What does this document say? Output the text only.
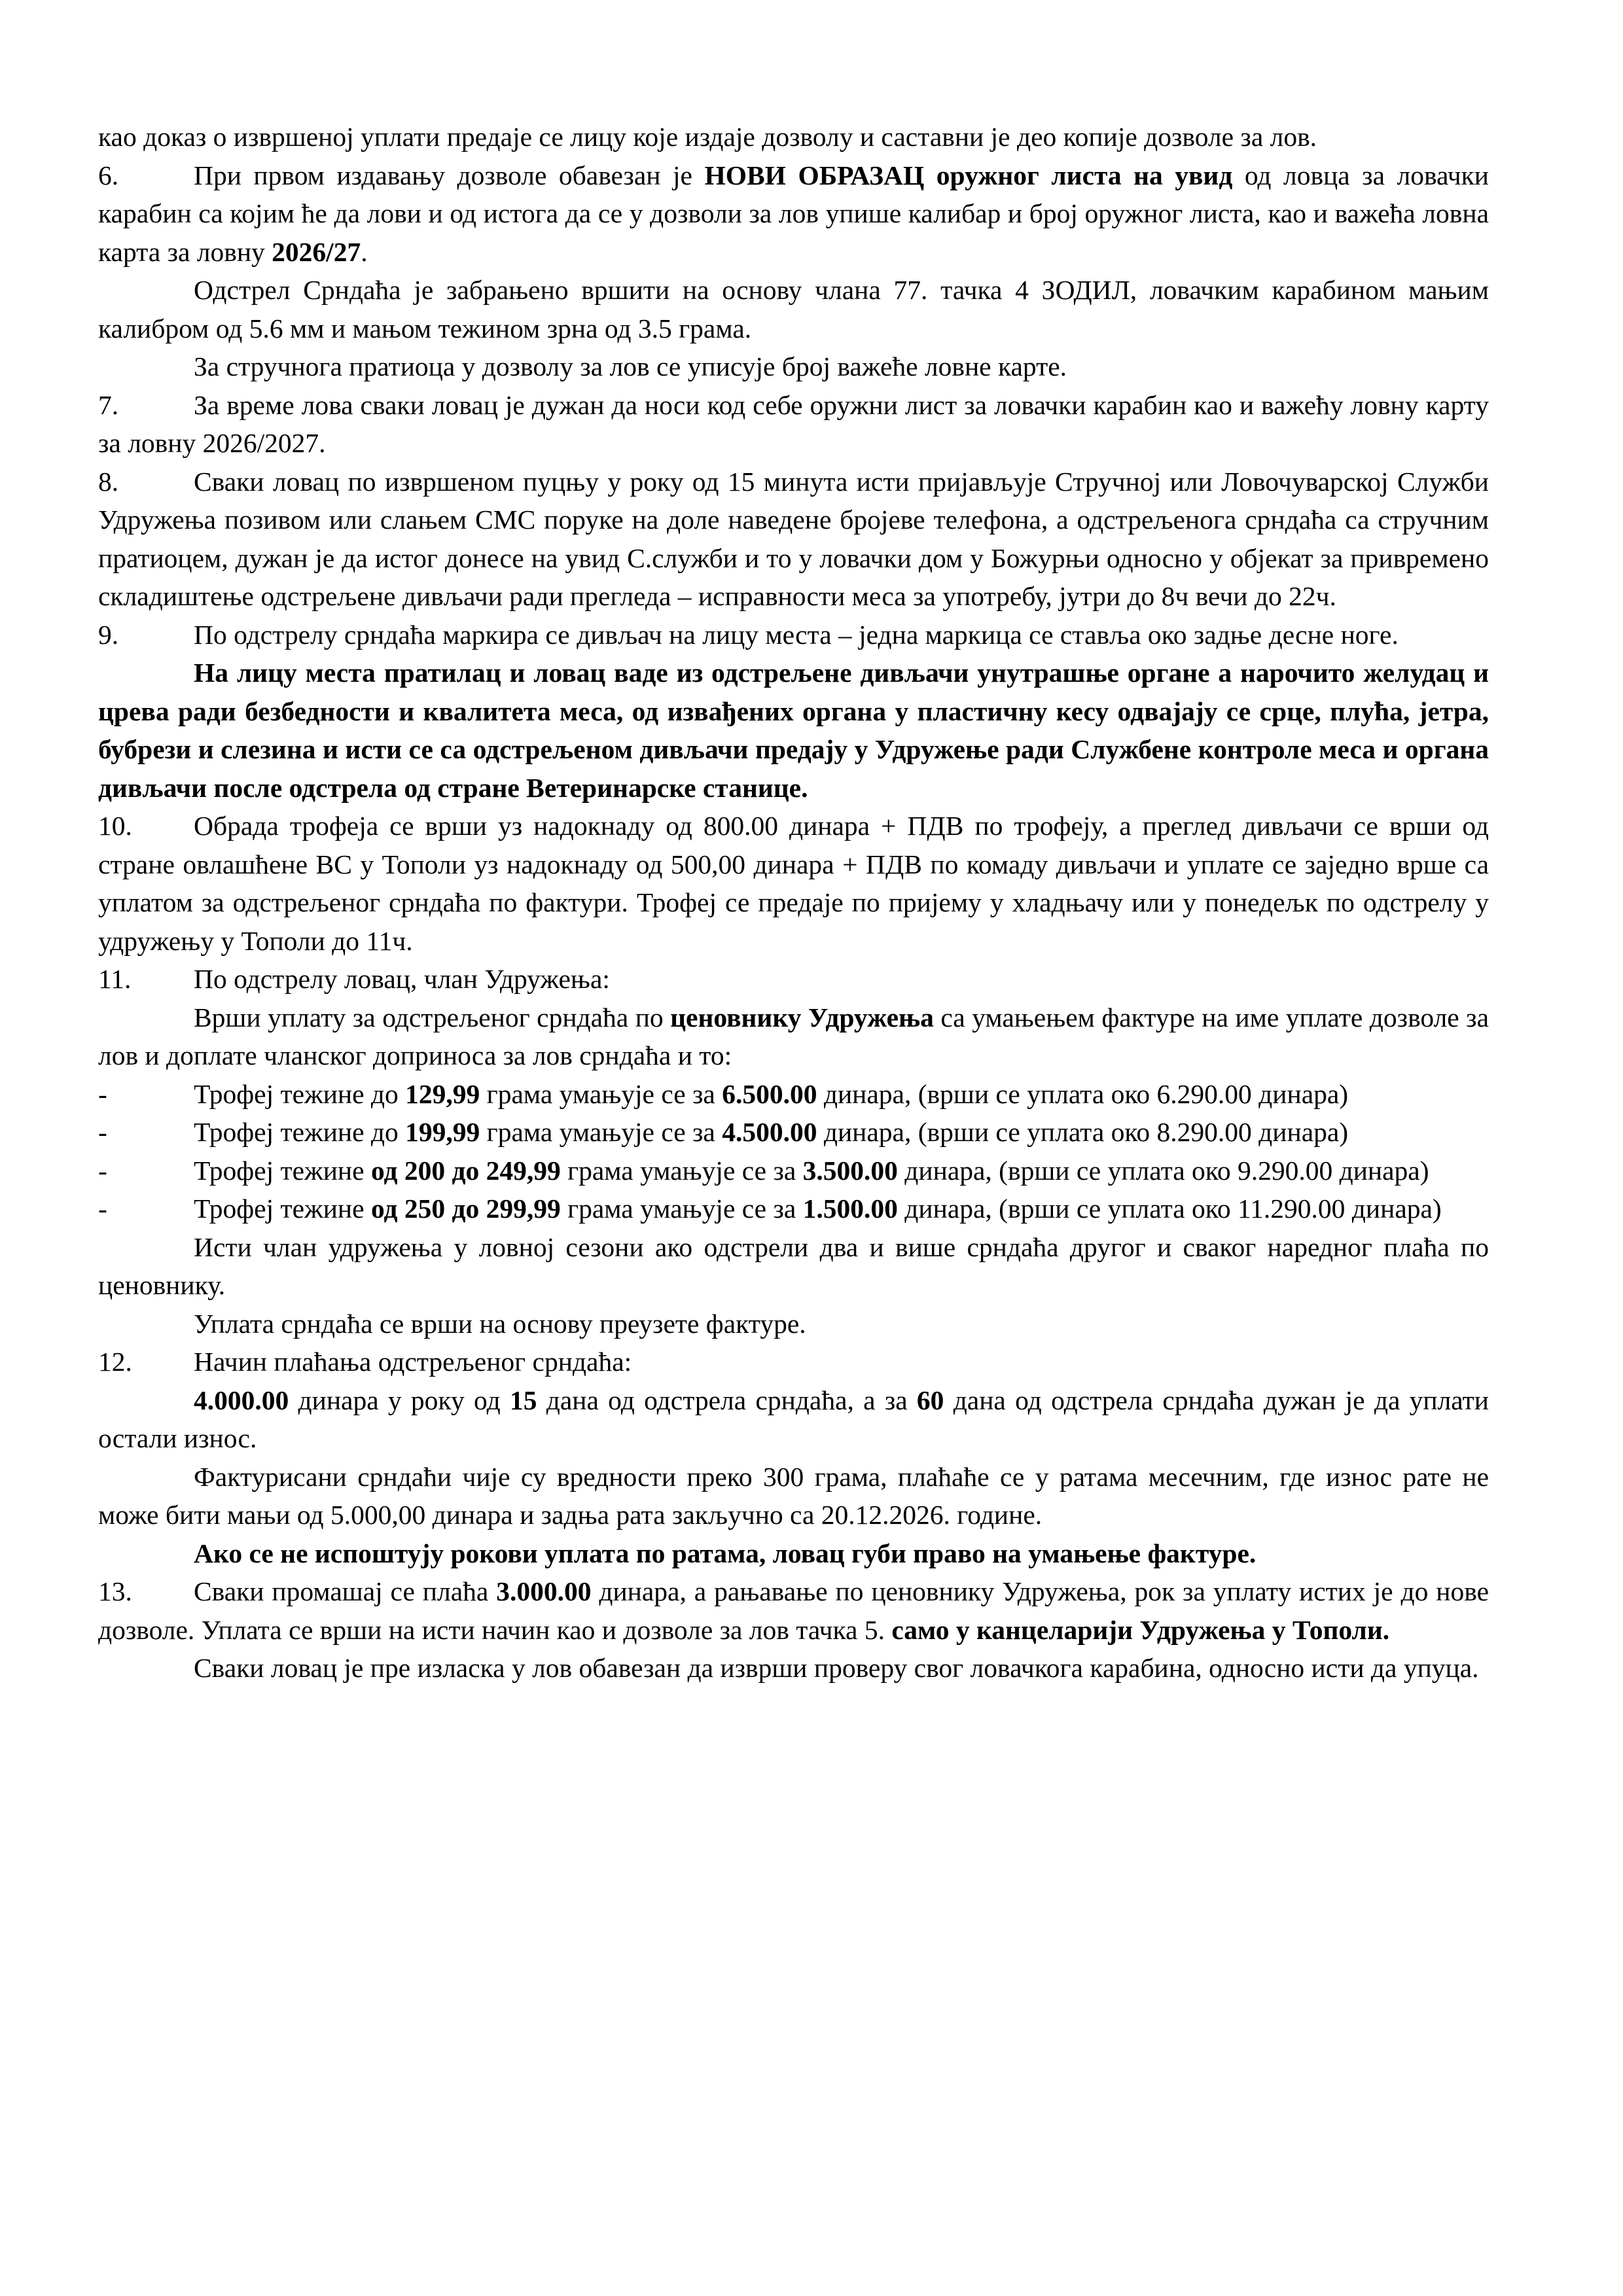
као доказ о извршеној уплати предаје се лицу које издаје дозволу и саставни је део копије дозволе за лов.

6.	При првом издавању дозволе обавезан је НОВИ ОБРАЗАЦ оружног листа на увид од ловца за ловачки карабин са којим ће да лови и од истога да се у дозволи за лов упише калибар и број оружног листа, као и важећа ловна карта за ловну 2026/27.

Одстрел Срндаћа је забрањено вршити на основу члана 77. тачка 4 ЗОДИЛ, ловачким карабином мањим калибром од 5.6 мм и мањом тежином зрна од 3.5 грама.

За стручнога пратиоца у дозволу за лов се уписује број важеће ловне карте.

7.	За време лова сваки ловац је дужан да носи код себе оружни лист за ловачки карабин као и важећу ловну карту за ловну 2026/2027.

8.	Сваки ловац по извршеном пуцњу у року од 15 минута исти пријављује Стручној или Ловочуварској Служби Удружења позивом или слањем СМС поруке на доле наведене бројеве телефона, а одстрељенога срндаћа са стручним пратиоцем, дужан је да истог донесе на увид С.служби и то у ловачки дом у Божурњи односно у објекат за привремено складиштење одстрељене дивљачи ради прегледа – исправности меса за употребу, јутри до 8ч вечи до 22ч.

9.	По одстрелу срндаћа маркира се дивљач на лицу места – једна маркица се ставља око задње десне ноге.

На лицу места пратилац и ловац ваде из одстрељене дивљачи унутрашње органе а нарочито желудац и црева ради безбедности и квалитета меса, од извађених органа у пластичну кесу одвајају се срце, плућа, јетра, бубрези и слезина и исти се са одстрељеном дивљачи предају у Удружење ради Службене контроле меса и органа дивљачи после одстрела од стране Ветеринарске станице.

10. Обрада трофеја се врши уз надокнаду од 800.00 динара + ПДВ по трофеју, а преглед дивљачи се врши од стране овлашћене ВС у Тополи уз надокнаду од 500,00 динара + ПДВ по комаду дивљачи и уплате се заједно врше са уплатом за одстрељеног срндаћа по фактури. Трофеј се предаје по пријему у хладњачу или у понедељк по одстрелу у удружењу у Тополи до 11ч.

11. По одстрелу ловац, члан Удружења:

Врши уплату за одстрељеног срндаћа по ценовнику Удружења са умањењем фактуре на име уплате дозволе за лов и доплате чланског доприноса за лов срндаћа и то:

-	Трофеј тежине до 129,99 грама умањује се за 6.500.00 динара, (врши се уплата око 6.290.00 динара)

-	Трофеј тежине до 199,99 грама умањује се за 4.500.00 динара, (врши се уплата око 8.290.00 динара)

-	Трофеј тежине од 200 до 249,99 грама умањује се за 3.500.00 динара, (врши се уплата око 9.290.00 динара)

-	Трофеј тежине од 250 до 299,99 грама умањује се за 1.500.00 динара, (врши се уплата око 11.290.00 динара)

Исти члан удружења у ловној сезони ако одстрели два и више срндаћа другог и сваког наредног плаћа по ценовнику.

Уплата срндаћа се врши на основу преузете фактуре.

12. Начин плаћања одстрељеног срндаћа:

4.000.00 динара у року од 15 дана од одстрела срндаћа, а за 60 дана од одстрела срндаћа дужан је да уплати остали износ.

Фактурисани срндаћи чије су вредности преко 300 грама, плаћаће се у ратама месечним, где износ рате не може бити мањи од 5.000,00 динара и задња рата закључно са 20.12.2026. године.

Ако се не испоштују рокови уплата по ратама, ловац губи право на умањење фактуре.

13. Сваки промашај се плаћа 3.000.00 динара, а рањавање по ценовнику Удружења, рок за уплату истих је до нове дозволе. Уплата се врши на исти начин као и дозволе за лов тачка 5. само у канцеларији Удружења у Тополи.

Сваки ловац је пре изласка у лов обавезан да изврши проверу свог ловачкога карабина, односно исти да упуца.
